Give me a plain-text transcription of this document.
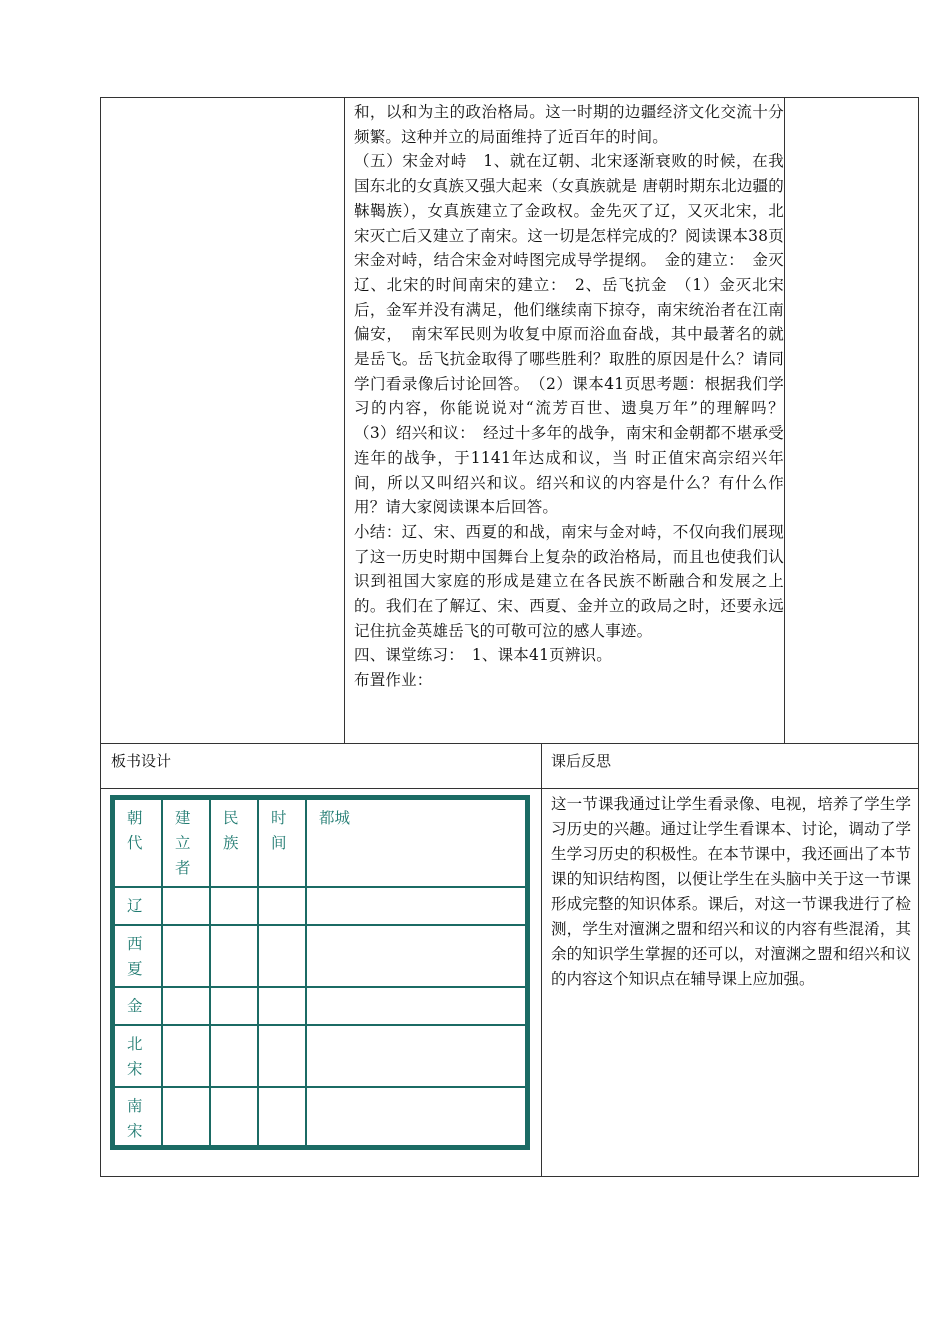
和，以和为主的政治格局。这一时期的边疆经济文化交流十分频繁。这种并立的局面维持了近百年的时间。

（五）宋金对峙　1、就在辽朝、北宋逐渐衰败的时候，在我国东北的女真族又强大起来（女真族就是 唐朝时期东北边疆的靺鞨族），女真族建立了金政权。金先灭了辽，又灭北宋，北宋灭亡后又建立了南宋。这一切是怎样完成的？阅读课本38页宋金对峙，结合宋金对峙图完成导学提纲。　金的建立：　金灭辽、北宋的时间南宋的建立：　2、岳飞抗金　（1）金灭北宋后，金军并没有满足，他们继续南下掠夺，南宋统治者在江南偏安，　南宋军民则为收复中原而浴血奋战，其中最著名的就是岳飞。岳飞抗金取得了哪些胜利？取胜的原因是什么？请同学门看录像后讨论回答。　（2）课本41页思考题：根据我们学习的内容，你能说说对“流芳百世、遗臭万年”的理解吗？　（3）绍兴和议：　经过十多年的战争，南宋和金朝都不堪承受连年的战争，于1141年达成和议，当 时正值宋高宗绍兴年间，所以又叫绍兴和议。绍兴和议的内容是什么？有什么作用？请大家阅读课本后回答。

小结：辽、宋、西夏的和战，南宋与金对峙，不仅向我们展现了这一历史时期中国舞台上复杂的政治格局，而且也使我们认识到祖国大家庭的形成是建立在各民族不断融合和发展之上的。我们在了解辽、宋、西夏、金并立的政局之时，还要永远记住抗金英雄岳飞的可敬可泣的感人事迹。

四、课堂练习：　1、课本41页辨识。

布置作业：

板书设计	课后反思
朝代	建立者	民族	时间	都城
辽				
西夏				
金				
北宋				
南宋				
这一节课我通过让学生看录像、电视，培养了学生学习历史的兴趣。通过让学生看课本、讨论，调动了学生学习历史的积极性。在本节课中，我还画出了本节课的知识结构图，以便让学生在头脑中关于这一节课形成完整的知识体系。课后，对这一节课我进行了检测，学生对澶渊之盟和绍兴和议的内容有些混淆，其余的知识学生掌握的还可以，对澶渊之盟和绍兴和议的内容这个知识点在辅导课上应加强。
